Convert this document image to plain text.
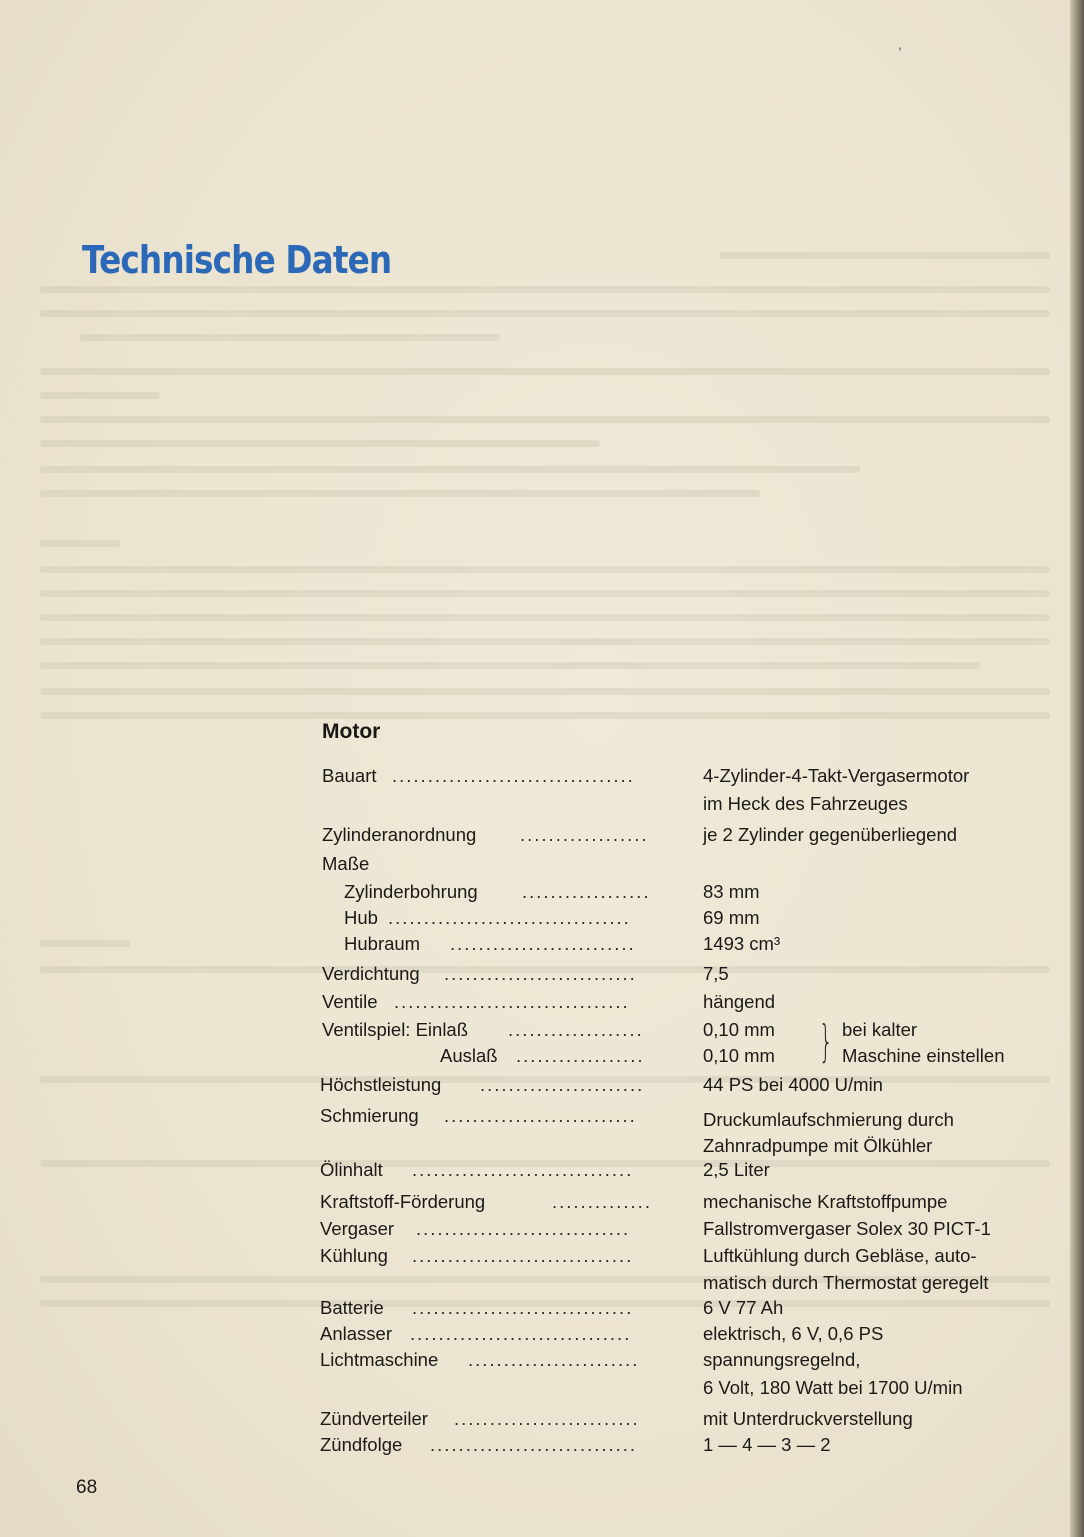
,
Technische Daten
Motor
Bauart ..................................	4-Zylinder-4-Takt-Vergasermotor
im Heck des Fahrzeuges
Zylinderanordnung ..................	je 2 Zylinder gegenüberliegend
Maße
Zylinderbohrung ..................	83 mm
Hub ..................................	69 mm
Hubraum ..........................	1493 cm³
Verdichtung ...........................	7,5
Ventile .................................	hängend
Ventilspiel: Einlaß ...................	0,10 mm	bei kalter
Auslaß ..................	0,10 mm	Maschine einstellen
}
Höchstleistung .......................	44 PS bei 4000 U/min
Schmierung ...........................	Druckumlaufschmierung durch
Zahnradpumpe mit Ölkühler
Ölinhalt ...............................	2,5 Liter
Kraftstoff-Förderung	..............	mechanische Kraftstoffpumpe
Vergaser ..............................	Fallstromvergaser Solex 30 PICT-1
Kühlung ...............................	Luftkühlung durch Gebläse, auto-
matisch durch Thermostat geregelt
Batterie ...............................	6 V 77 Ah
Anlasser ...............................	elektrisch, 6 V, 0,6 PS
Lichtmaschine ........................	spannungsregelnd,
6 Volt, 180 Watt bei 1700 U/min
Zündverteiler ..........................	mit Unterdruckverstellung
Zündfolge .............................	1 — 4 — 3 — 2
68
